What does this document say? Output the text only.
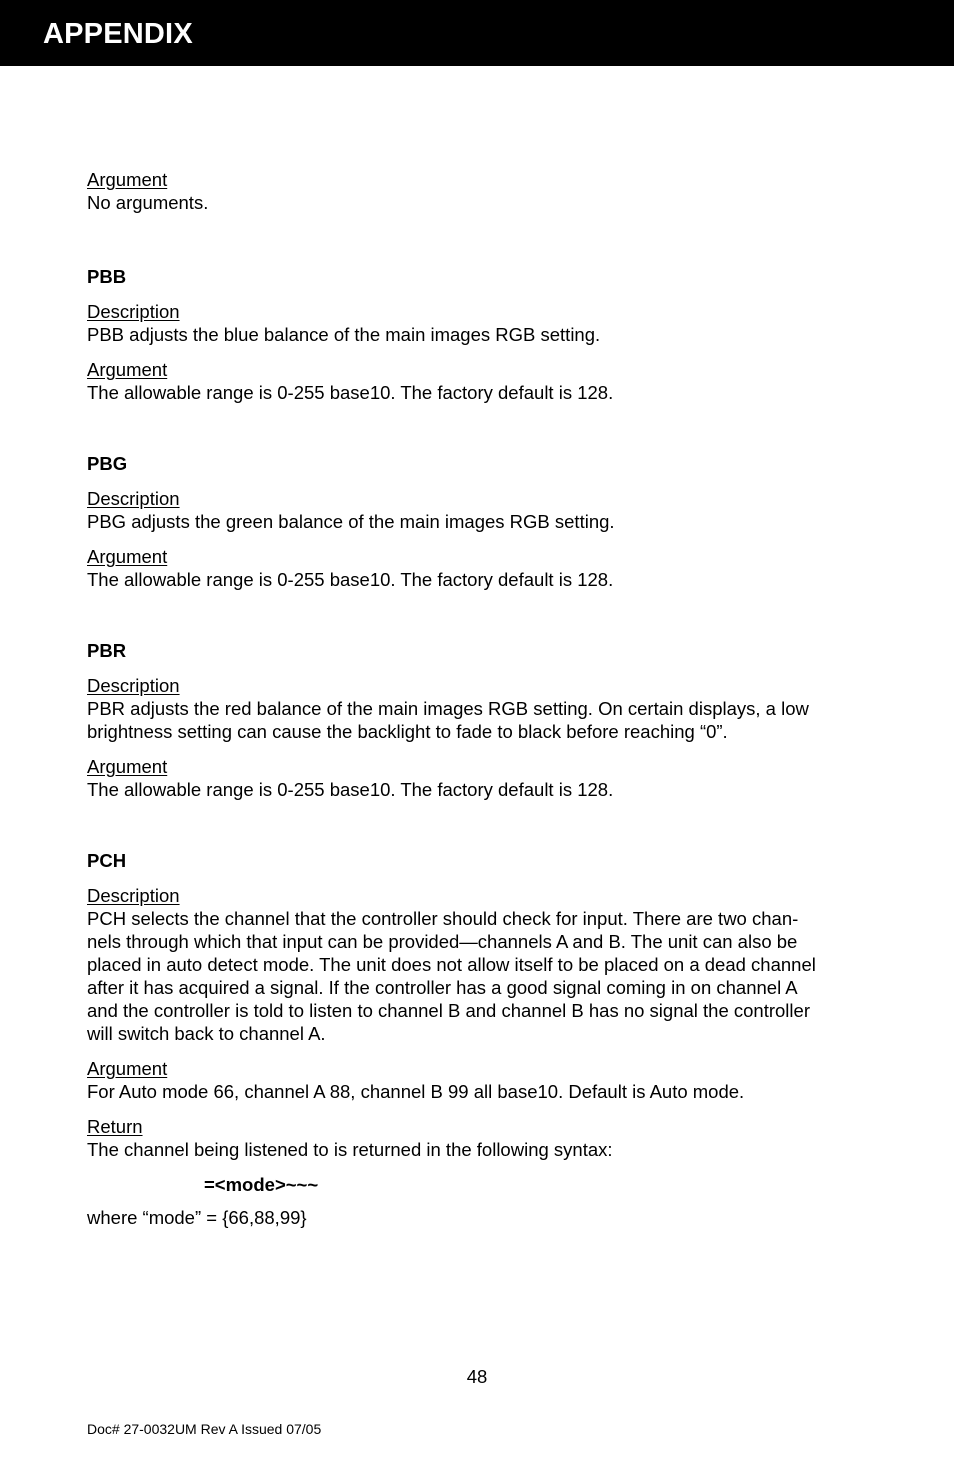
APPENDIX
Argument

No arguments.

PBB
Description

PBB adjusts the blue balance of the main images RGB setting.

Argument

The allowable range is 0-255 base10. The factory default is 128.

PBG
Description

PBG adjusts the green balance of the main images RGB setting.

Argument

The allowable range is 0-255 base10. The factory default is 128.

PBR
Description

PBR adjusts the red balance of the main images RGB setting. On certain displays, a low

brightness setting can cause the backlight to fade to black before reaching “0”.

Argument

The allowable range is 0-255 base10. The factory default is 128.

PCH
Description

PCH selects the channel that the controller should check for input. There are two chan-

nels through which that input can be provided—channels A and B. The unit can also be

placed in auto detect mode. The unit does not allow itself to be placed on a dead channel

after it has acquired a signal. If the controller has a good signal coming in on channel A

and the controller is told to listen to channel B and channel B has no signal the controller

will switch back to channel A.

Argument

For Auto mode 66, channel A 88, channel B 99 all base10. Default is Auto mode.

Return

The channel being listened to is returned in the following syntax:

=<mode>~~~

where “mode” = {66,88,99}

48
Doc# 27-0032UM Rev A Issued 07/05
